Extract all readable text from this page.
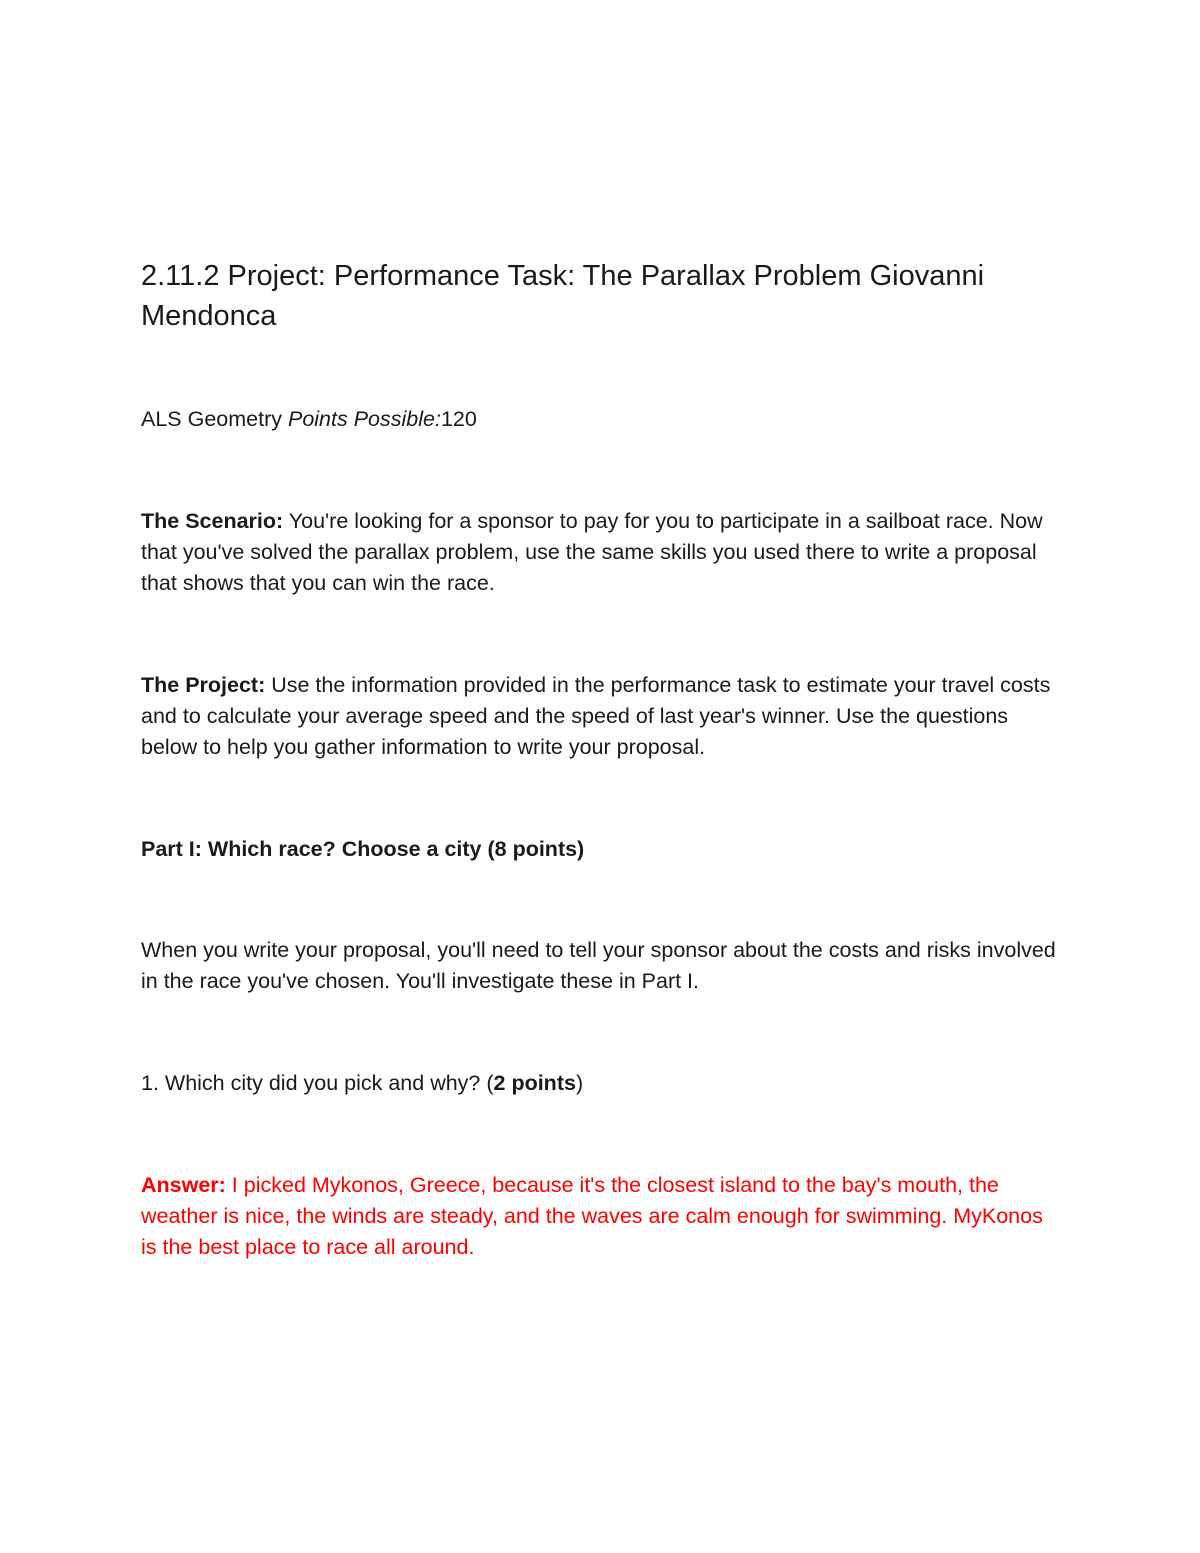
2.11.2 Project: Performance Task: The Parallax Problem Giovanni Mendonca

ALS Geometry Points Possible:120

The Scenario: You're looking for a sponsor to pay for you to participate in a sailboat race. Now that you've solved the parallax problem, use the same skills you used there to write a proposal that shows that you can win the race.

The Project: Use the information provided in the performance task to estimate your travel costs and to calculate your average speed and the speed of last year's winner. Use the questions below to help you gather information to write your proposal.

Part I: Which race? Choose a city (8 points)

When you write your proposal, you'll need to tell your sponsor about the costs and risks involved in the race you've chosen. You'll investigate these in Part I.

1. Which city did you pick and why? (2 points)

Answer: I picked Mykonos, Greece, because it's the closest island to the bay's mouth, the weather is nice, the winds are steady, and the waves are calm enough for swimming. MyKonos is the best place to race all around.
